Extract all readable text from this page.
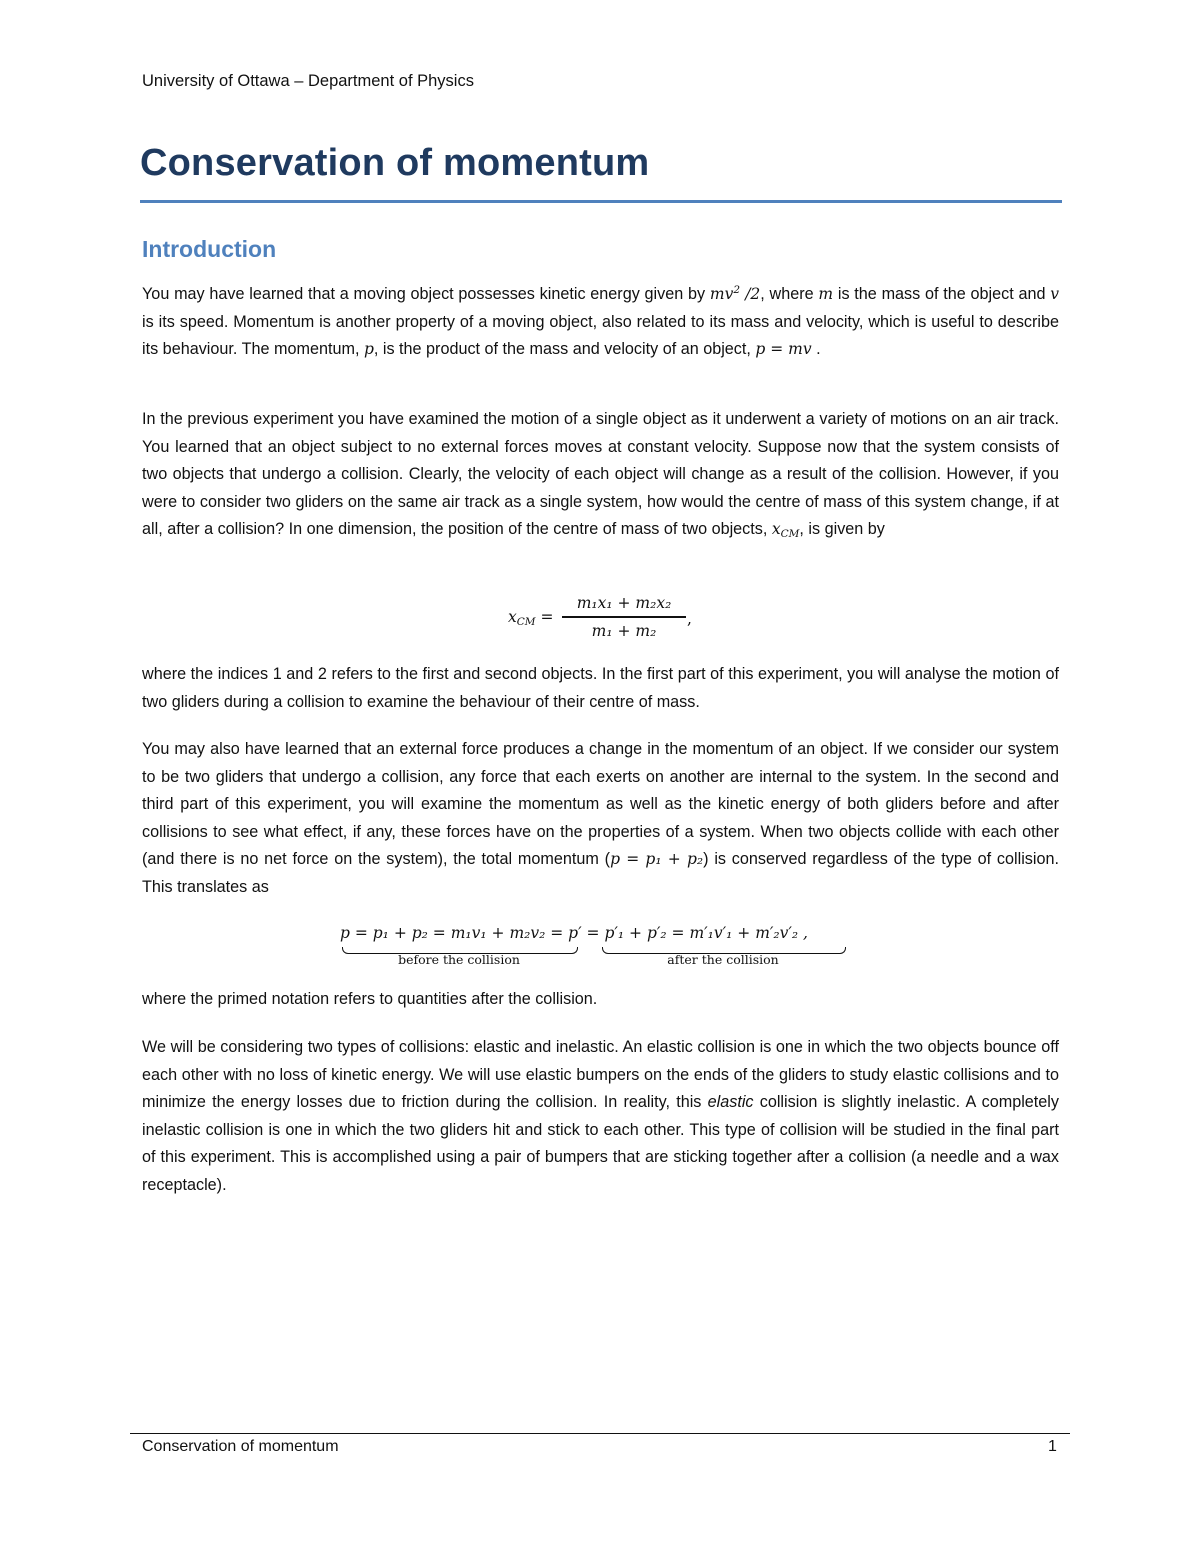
University of Ottawa – Department of Physics
Conservation of momentum
Introduction

You may have learned that a moving object possesses kinetic energy given by $mv^2$ /2, where m is the mass of the object and v is its speed. Momentum is another property of a moving object, also related to its mass and velocity, which is useful to describe its behaviour. The momentum, p, is the product of the mass and velocity of an object, p = mv .

In the previous experiment you have examined the motion of a single object as it underwent a variety of motions on an air track. You learned that an object subject to no external forces moves at constant velocity. Suppose now that the system consists of two objects that undergo a collision. Clearly, the velocity of each object will change as a result of the collision. However, if you were to consider two gliders on the same air track as a single system, how would the centre of mass of this system change, if at all, after a collision? In one dimension, the position of the centre of mass of two objects, $x_{CM}$, is given by

$x_{CM}$ =
m₁x₁ + m₂x₂
m₁ + m₂
,

where the indices 1 and 2 refers to the first and second objects. In the first part of this experiment, you will analyse the motion of two gliders during a collision to examine the behaviour of their centre of mass.

You may also have learned that an external force produces a change in the momentum of an object. If we consider our system to be two gliders that undergo a collision, any force that each exerts on another are internal to the system. In the second and third part of this experiment, you will examine the momentum as well as the kinetic energy of both gliders before and after collisions to see what effect, if any, these forces have on the properties of a system. When two objects collide with each other (and there is no net force on the system), the total momentum (p = p₁ + p₂) is conserved regardless of the type of collision. This translates as

p = p₁ + p₂ = m₁v₁ + m₂v₂ = p′ = p′₁ + p′₂ = m′₁v′₁ + m′₂v′₂ ,
before the collision	after the collision

where the primed notation refers to quantities after the collision.

We will be considering two types of collisions: elastic and inelastic. An elastic collision is one in which the two objects bounce off each other with no loss of kinetic energy. We will use elastic bumpers on the ends of the gliders to study elastic collisions and to minimize the energy losses due to friction during the collision. In reality, this elastic collision is slightly inelastic. A completely inelastic collision is one in which the two gliders hit and stick to each other. This type of collision will be studied in the final part of this experiment. This is accomplished using a pair of bumpers that are sticking together after a collision (a needle and a wax receptacle).

Conservation of momentum	1
